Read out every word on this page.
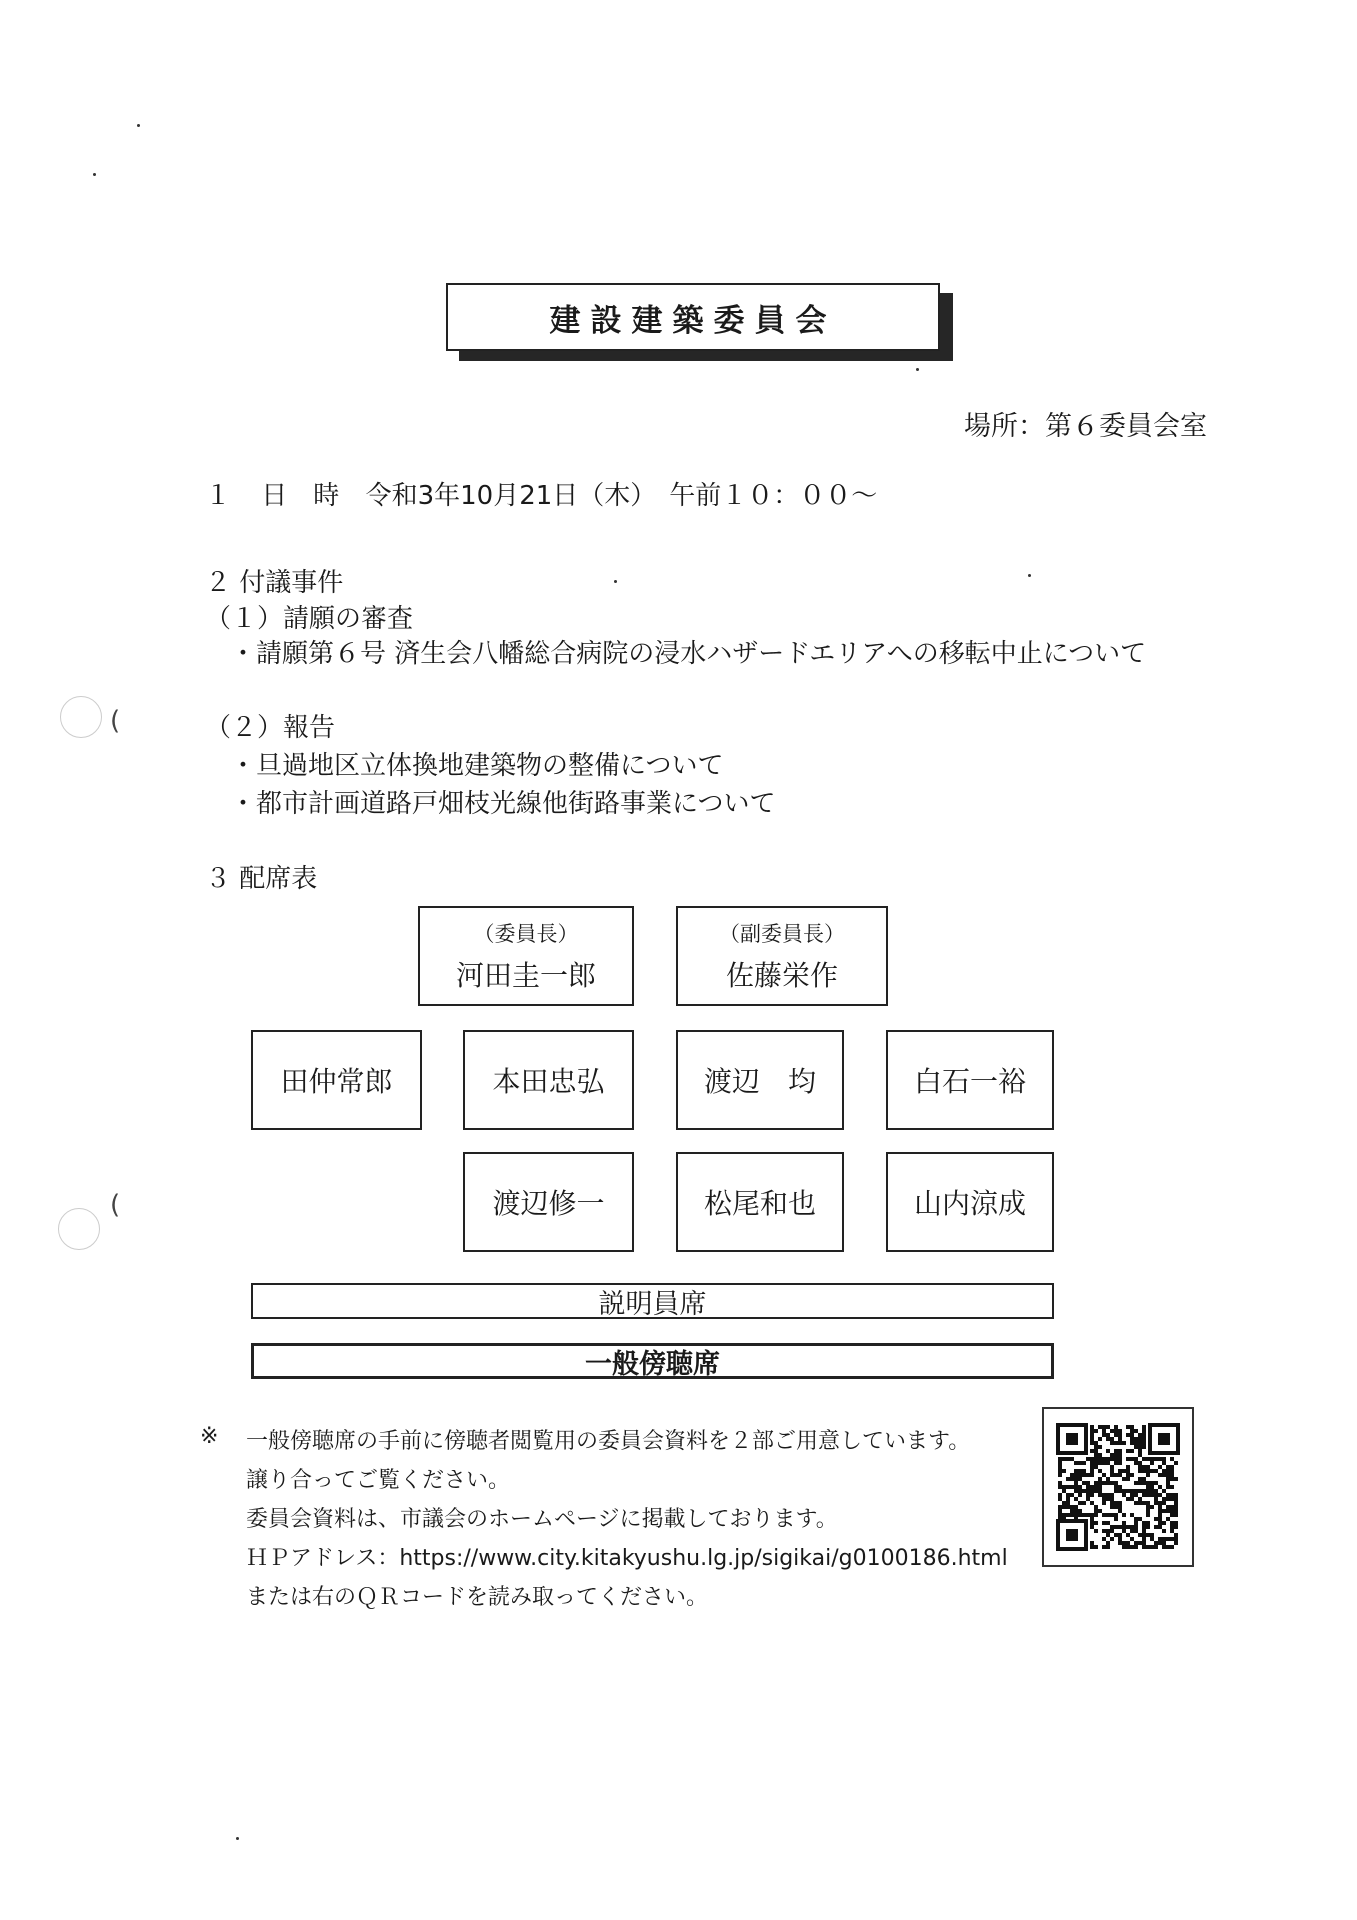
(
(
建設建築委員会
場所：第６委員会室
１ 日　時 令和3年10月21日（木）　午前１０：００～
２ 付議事件
（１）請願の審査
・請願第６号 済生会八幡総合病院の浸水ハザードエリアへの移転中止について
（２）報告
・旦過地区立体換地建築物の整備について
・都市計画道路戸畑枝光線他街路事業について
３ 配席表
（委員長）
河田圭一郎
（副委員長）
佐藤栄作
田仲常郎	本田忠弘	渡辺　均	白石一裕
渡辺修一	松尾和也	山内涼成
説明員席
一般傍聴席
※ 一般傍聴席の手前に傍聴者閲覧用の委員会資料を２部ご用意しています。
譲り合ってご覧ください。
委員会資料は、市議会のホームページに掲載しております。
ＨＰアドレス：https://www.city.kitakyushu.lg.jp/sigikai/g0100186.html
または右のＱＲコードを読み取ってください。
